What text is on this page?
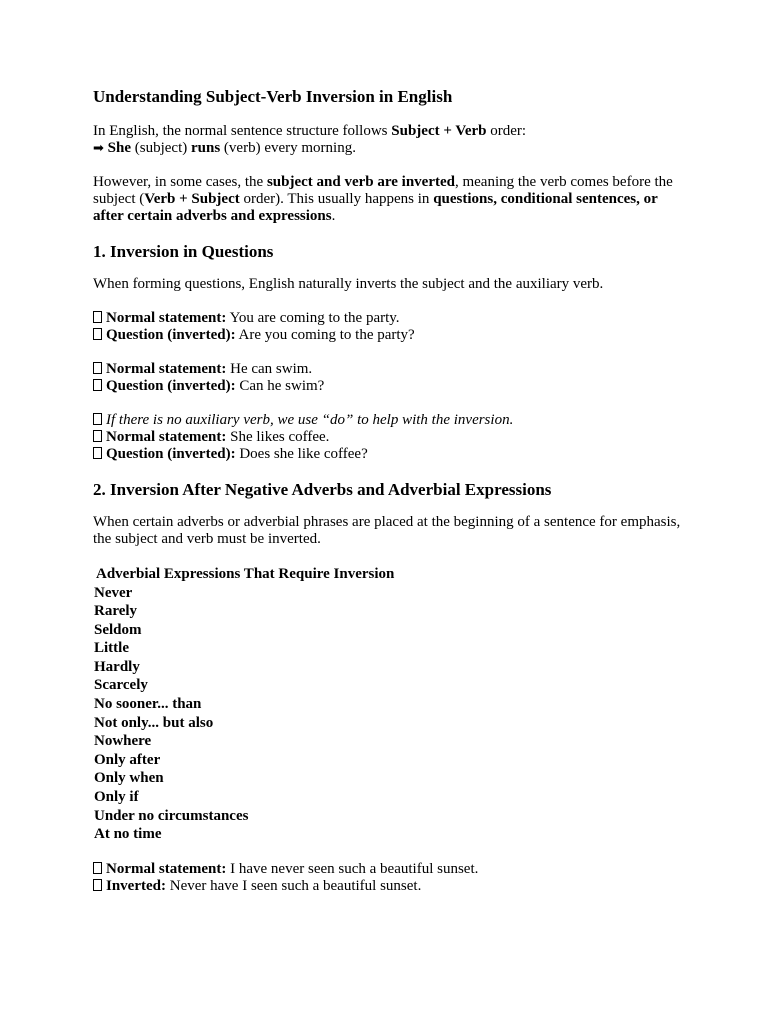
Understanding Subject-Verb Inversion in English

In English, the normal sentence structure follows Subject + Verb order:
➡ She (subject) runs (verb) every morning.

However, in some cases, the subject and verb are inverted, meaning the verb comes before the subject (Verb + Subject order). This usually happens in questions, conditional sentences, or after certain adverbs and expressions.

1. Inversion in Questions

When forming questions, English naturally inverts the subject and the auxiliary verb.

Normal statement: You are coming to the party.

Question (inverted): Are you coming to the party?

Normal statement: He can swim.

Question (inverted): Can he swim?

If there is no auxiliary verb, we use “do” to help with the inversion.

Normal statement: She likes coffee.

Question (inverted): Does she like coffee?

2. Inversion After Negative Adverbs and Adverbial Expressions

When certain adverbs or adverbial phrases are placed at the beginning of a sentence for emphasis, the subject and verb must be inverted.

Adverbial Expressions That Require Inversion
Never
Rarely
Seldom
Little
Hardly
Scarcely
No sooner... than
Not only... but also
Nowhere
Only after
Only when
Only if
Under no circumstances
At no time

Normal statement: I have never seen such a beautiful sunset.

Inverted: Never have I seen such a beautiful sunset.
